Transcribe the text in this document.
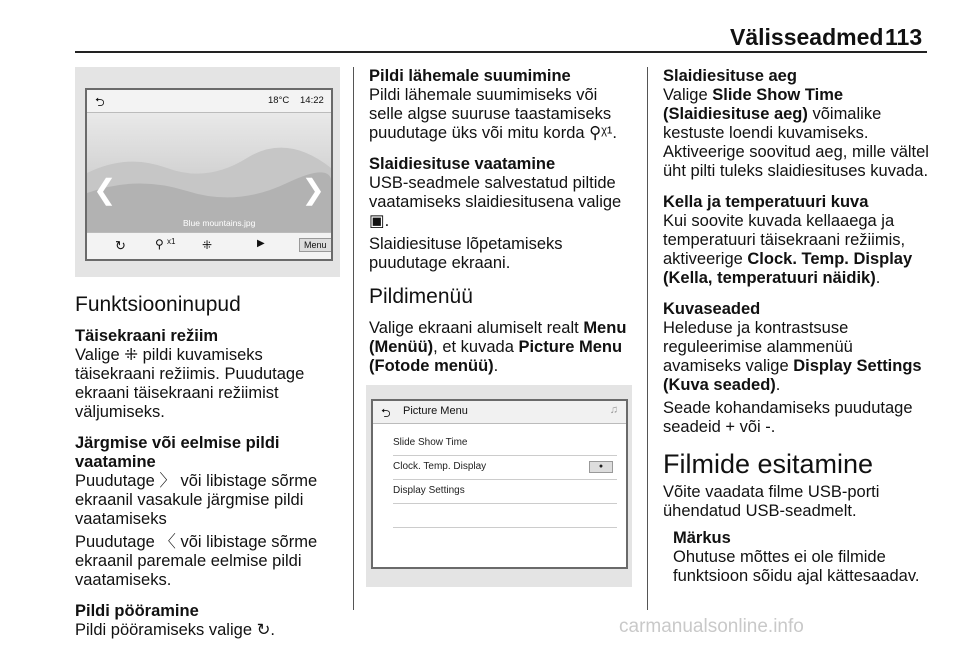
Välisseadmed 113
⮌	18°C 14:22
Blue mountains.jpg
❮	❯
↻ ⚲ x1 ⁜	▶	Menu
Funktsiooninupud

Täisekraani režiim
Valige ⁜ pildi kuvamiseks täisekraani režiimis. Puudutage ekraani täisekraani režiimist väljumiseks.

Järgmise või eelmise pildi vaatamine
Puudutage 〉 või libistage sõrme ekraanil vasakule järgmise pildi vaatamiseks

Puudutage 〈 või libistage sõrme ekraanil paremale eelmise pildi vaatamiseks.

Pildi pööramine
Pildi pööramiseks valige ↻.

Pildi lähemale suumimine
Pildi lähemale suumimiseks või selle algse suuruse taastamiseks puudutage üks või mitu korda ⚲ᵡ¹.

Slaidiesituse vaatamine
USB-seadmele salvestatud piltide vaatamiseks slaidiesitusena valige ▣.

Slaidiesituse lõpetamiseks puudutage ekraani.

Pildimenüü

Valige ekraani alumiselt realt Menu (Menüü), et kuvada Picture Menu (Fotode menüü).

⮌ Picture Menu	♫
Slide Show Time
Clock. Temp. Display	●
Display Settings

Slaidiesituse aeg
Valige Slide Show Time (Slaidiesituse aeg) võimalike kestuste loendi kuvamiseks. Aktiveerige soovitud aeg, mille vältel üht pilti tuleks slaidiesituses kuvada.

Kella ja temperatuuri kuva
Kui soovite kuvada kellaaega ja temperatuuri täisekraani režiimis, aktiveerige Clock. Temp. Display (Kella, temperatuuri näidik).

Kuvaseaded
Heleduse ja kontrastsuse reguleerimise alammenüü avamiseks valige Display Settings (Kuva seaded).

Seade kohandamiseks puudutage seadeid + või -.

Filmide esitamine

Võite vaadata filme USB-porti ühendatud USB-seadmelt.

Märkus
Ohutuse mõttes ei ole filmide funktsioon sõidu ajal kättesaadav.
carmanualsonline.info
